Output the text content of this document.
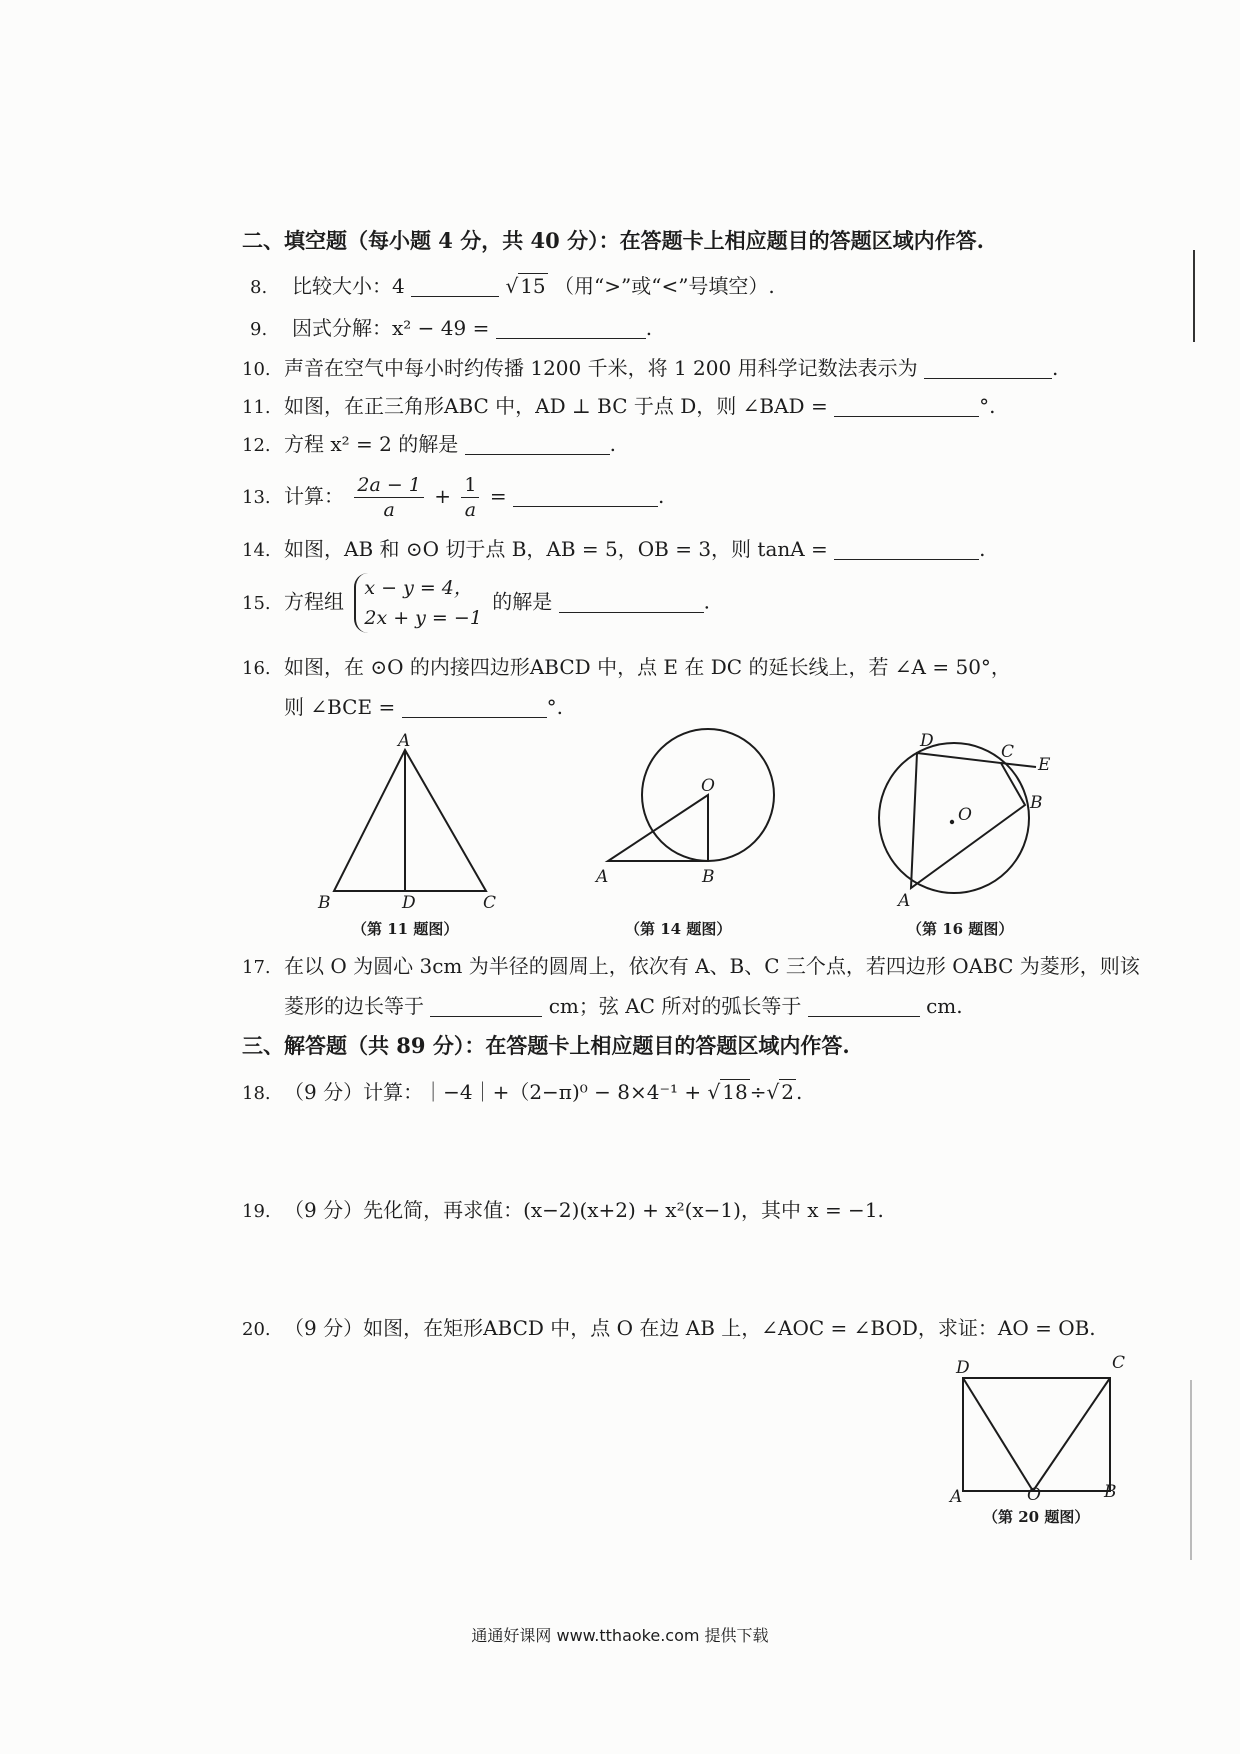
二、填空题（每小题 4 分，共 40 分）：在答题卡上相应题目的答题区域内作答.
8. 比较大小：4	√ 15 （用“>”或“<”号填空）.
9. 因式分解：x² − 49 =	.
10. 声音在空气中每小时约传播 1200 千米，将 1 200 用科学记数法表示为	.
11. 如图，在正三角形ABC 中，AD ⊥ BC 于点 D，则 ∠BAD =	°.
12. 方程 x² = 2 的解是	.
13. 计算： $\frac{2a - 1}{a} + \frac{1}{a}$ =	.
14. 如图，AB 和 ⊙O 切于点 B，AB = 5，OB = 3，则 tanA =	.
15. 方程组
x − y = 4，
2x + y = −1
的解是	.
16. 如图，在 ⊙O 的内接四边形ABCD 中，点 E 在 DC 的延长线上，若 ∠A = 50°，
则 ∠BCE =	°.
A
B	D	C
（第 11 题图）
O
A	B
（第 14 题图）
D
C
E
B
O
A
（第 16 题图）
17. 在以 O 为圆心 3cm 为半径的圆周上，依次有 A、B、C 三个点，若四边形 OABC 为菱形，则该
菱形的边长等于	cm；弦 AC 所对的弧长等于	cm.
三、解答题（共 89 分）：在答题卡上相应题目的答题区域内作答.
18. （9 分）计算：｜−4｜+（2−π)⁰ − 8×4⁻¹ + √ 18 ÷√ 2 .
19. （9 分）先化简，再求值：(x−2)(x+2) + x²(x−1)，其中 x = −1.
20. （9 分）如图，在矩形ABCD 中，点 O 在边 AB 上，∠AOC = ∠BOD，求证：AO = OB.
D	C
A	O	B
（第 20 题图）
通通好课网 www.tthaoke.com 提供下载
